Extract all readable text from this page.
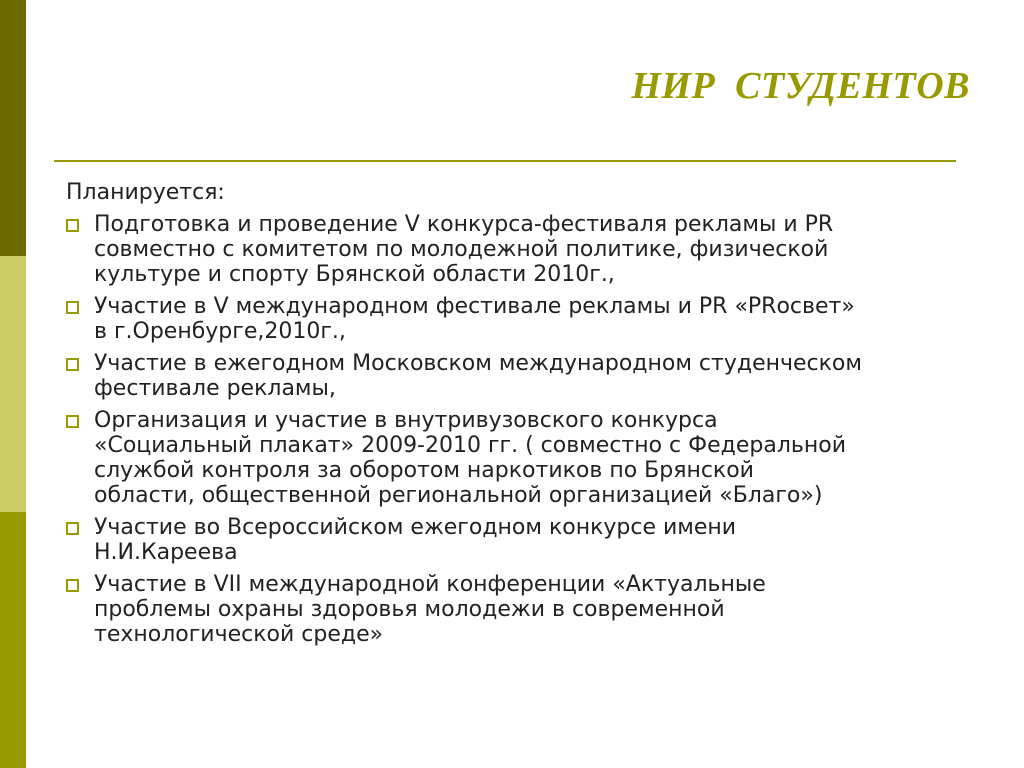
НИР  СТУДЕНТОВ

Планируется:

Подготовка и проведение V конкурса-фестиваля рекламы и PR
совместно с комитетом по молодежной политике, физической
культуре и спорту Брянской области 2010г.,
Участие в V международном фестивале рекламы и PR «PRосвет»
в г.Оренбурге,2010г.,
Участие в ежегодном Московском международном студенческом
фестивале рекламы,
Организация и участие в внутривузовского конкурса
«Социальный плакат» 2009-2010 гг. ( совместно с Федеральной
службой контроля за оборотом наркотиков по Брянской
области, общественной региональной организацией «Благо»)
Участие во Всероссийском ежегодном конкурсе имени
Н.И.Кареева
Участие в VII международной конференции «Актуальные
проблемы охраны здоровья молодежи в современной
технологической среде»
